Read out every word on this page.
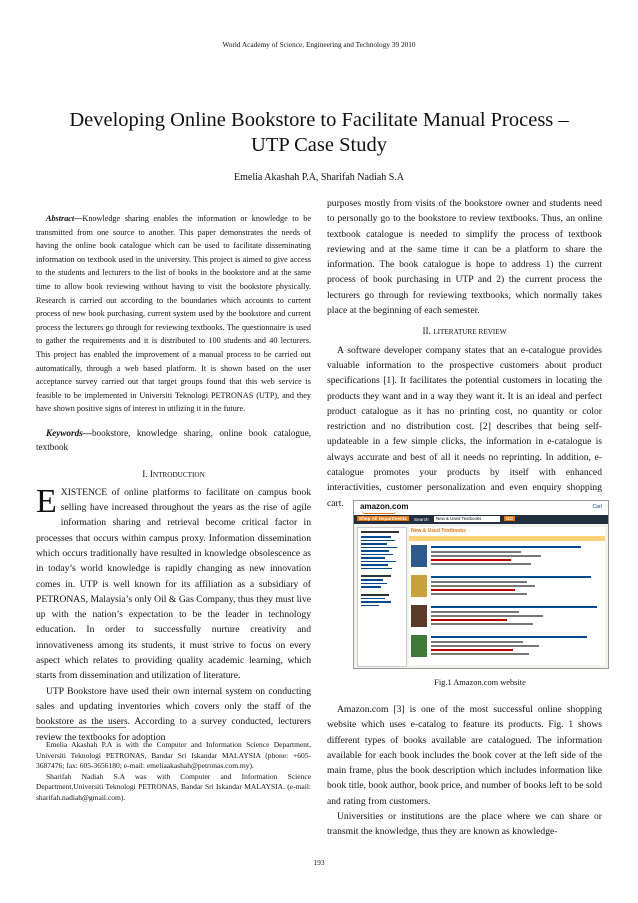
World Academy of Science, Engineering and Technology 39 2010
Developing Online Bookstore to Facilitate Manual Process – UTP Case Study
Emelia Akashah P.A, Sharifah Nadiah S.A

Abstract—Knowledge sharing enables the information or knowledge to be transmitted from one source to another. This paper demonstrates the needs of having the online book catalogue which can be used to facilitate disseminating information on textbook used in the university. This project is aimed to give access to the students and lecturers to the list of books in the bookstore and at the same time to allow book reviewing without having to visit the bookstore physically. Research is carried out according to the boundaries which accounts to current process of new book purchasing, current system used by the bookstore and current process the lecturers go through for reviewing textbooks. The questionnaire is used to gather the requirements and it is distributed to 100 students and 40 lecturers. This project has enabled the improvement of a manual process to be carried out automatically, through a web based platform. It is shown based on the user acceptance survey carried out that target groups found that this web service is feasible to be implemented in Universiti Teknologi PETRONAS (UTP), and they have shown positive signs of interest in utilizing it in the future.

Keywords—bookstore, knowledge sharing, online book catalogue, textbook

I. INTRODUCTION

EXISTENCE of online platforms to facilitate on campus book selling have increased throughout the years as the rise of agile information sharing and retrieval become critical factor in processes that occurs within campus proxy. Information dissemination which occurs traditionally have resulted in knowledge obsolescence as in today’s world knowledge is rapidly changing as new innovation comes in. UTP is well known for its affiliation as a subsidiary of PETRONAS, Malaysia’s only Oil & Gas Company, thus they must live up with the nation’s expectation to be the leader in technology education. In order to successfully nurture creativity and innovativeness among its students, it must strive to focus on every aspect which relates to providing quality academic learning, which starts from dissemination and utilization of literature.

UTP Bookstore have used their own internal system on conducting sales and updating inventories which covers only the staff of the bookstore as the users. According to a survey conducted, lecturers review the textbooks for adoption

Emelia Akashah P.A is with the Computer and Information Science Department, Universiti Teknologi PETRONAS, Bandar Sri Iskandar MALAYSIA (phone: +605-3687476; fax: 605-3656180; e-mail: emeliaakashah@petronas.com.my).

Sharifah Nadiah S.A was with Computer and Information Science Department,Universiti Teknologi PETRONAS, Bandar Sri Iskandar MALAYSIA. (e-mail: sharifah.nadiah@gmail.com).

purposes mostly from visits of the bookstore owner and students need to personally go to the bookstore to review textbooks. Thus, an online textbook catalogue is needed to simplify the process of textbook reviewing and at the same time it can be a platform to share the information. The book catalogue is hope to address 1) the current process of book purchasing in UTP and 2) the current process the lecturers go through for reviewing textbooks, which normally takes place at the beginning of each semester.

II. LITERATURE REVIEW

A software developer company states that an e-catalogue provides valuable information to the prospective customers about product specifications [1]. It facilitates the potential customers in locating the products they want and in a way they want it. It is an ideal and perfect product catalogue as it has no printing cost, no quantity or color restriction and no distribution cost. [2] describes that being self-updateable in a few simple clicks, the information in e-catalogue is always accurate and best of all it needs no reprinting. In addition, e-catalogue promotes your products by itself with enhanced interactivities, customer personalization and even enquiry shopping cart.	amazon.com	Cart
Shop All Departments	Search	New & Used Textbooks	GO
New & Used Textbooks
Fig.1 Amazon.com website

Amazon.com [3] is one of the most successful online shopping website which uses e-catalog to feature its products. Fig. 1 shows different types of books available are catalogued. The information available for each book includes the book cover at the left side of the main frame, plus the book description which includes information like book title, book author, book price, and number of books left to be sold and rating from customers.

Universities or institutions are the place where we can share or transmit the knowledge, thus they are known as knowledge-

193
